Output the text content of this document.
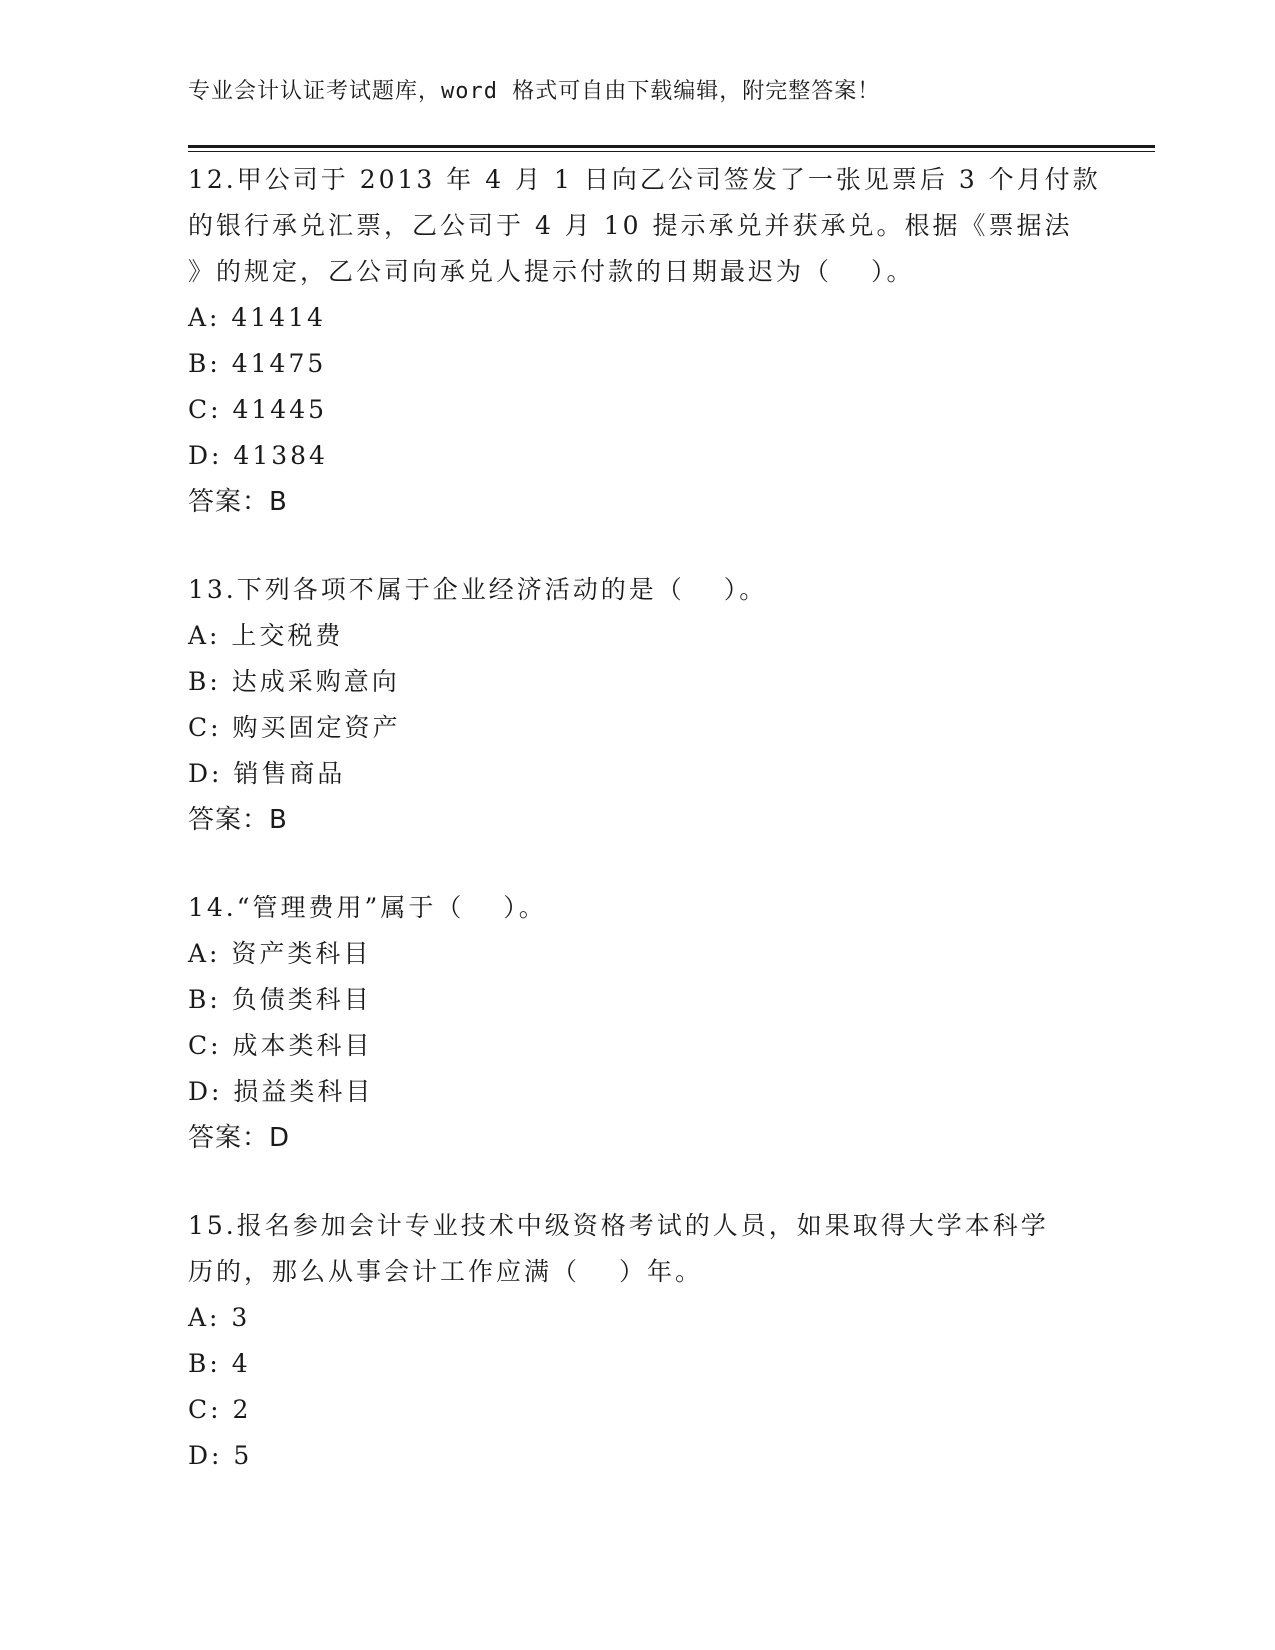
专业会计认证考试题库，word 格式可自由下载编辑，附完整答案！
12.甲公司于 2013 年 4 月 1 日向乙公司签发了一张见票后 3 个月付款
的银行承兑汇票，乙公司于 4 月 10 提示承兑并获承兑。根据《票据法
》的规定，乙公司向承兑人提示付款的日期最迟为（　 ）。
A: 41414
B: 41475
C: 41445
D: 41384
答案：B
13.下列各项不属于企业经济活动的是（　 ）。
A: 上交税费
B: 达成采购意向
C: 购买固定资产
D: 销售商品
答案：B
14.“管理费用”属于（　 ）。
A: 资产类科目
B: 负债类科目
C: 成本类科目
D: 损益类科目
答案：D
15.报名参加会计专业技术中级资格考试的人员，如果取得大学本科学
历的，那么从事会计工作应满（　 ）年。
A: 3
B: 4
C: 2
D: 5
